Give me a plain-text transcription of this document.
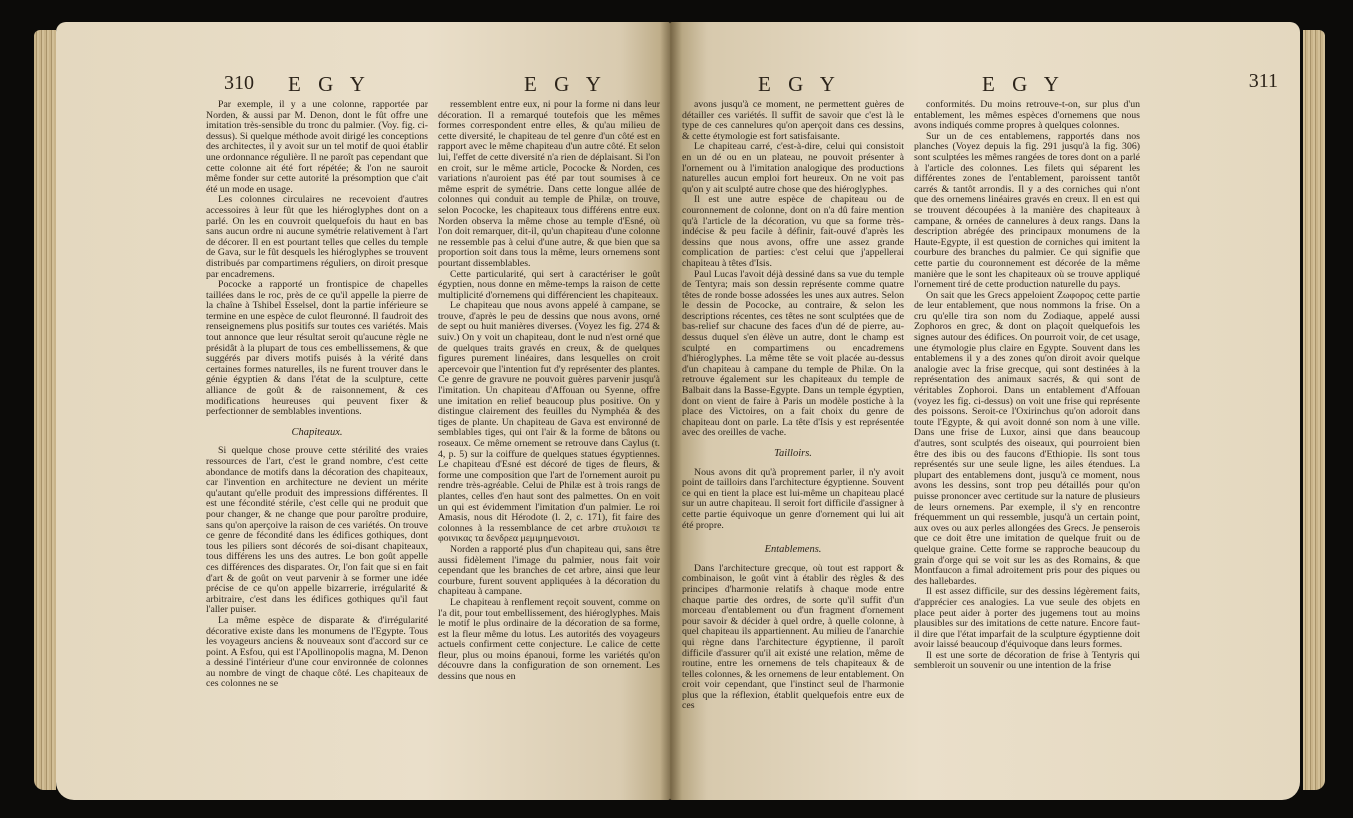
310 E G Y	E G Y

Par exemple, il y a une colonne, rapportée par Norden, & aussi par M. Denon, dont le fût offre une imitation très-sensible du tronc du palmier. (Voy. fig. ci-dessus). Si quelque méthode avoit dirigé les conceptions des architectes, il y avoit sur un tel motif de quoi établir une ordonnance régulière. Il ne paroît pas cependant que cette colonne ait été fort répétée; & l'on ne sauroit même fonder sur cette autorité la présomption que c'ait été un mode en usage.

Les colonnes circulaires ne recevoient d'autres accessoires à leur fût que les hiéroglyphes dont on a parlé. On les en couvroit quelquefois du haut en bas sans aucun ordre ni aucune symétrie relativement à l'art de décorer. Il en est pourtant telles que celles du temple de Gava, sur le fût desquels les hiéroglyphes se trouvent distribués par compartimens réguliers, on diroit presque par encadremens.

Pococke a rapporté un frontispice de chapelles taillées dans le roc, près de ce qu'il appelle la pierre de la chaîne à Tshibel Esselsel, dont la partie inférieure se termine en une espèce de culot fleuronné. Il faudroit des renseignemens plus positifs sur toutes ces variétés. Mais tout annonce que leur résultat seroit qu'aucune règle ne présidât à la plupart de tous ces embellissemens, & que suggérés par divers motifs puisés à la vérité dans certaines formes naturelles, ils ne furent trouver dans le génie égyptien & dans l'état de la sculpture, cette alliance de goût & de raisonnement, & ces modifications heureuses qui peuvent fixer & perfectionner de semblables inventions.

Chapiteaux.

Si quelque chose prouve cette stérilité des vraies ressources de l'art, c'est le grand nombre, c'est cette abondance de motifs dans la décoration des chapiteaux, car l'invention en architecture ne devient un mérite qu'autant qu'elle produit des impressions différentes. Il est une fécondité stérile, c'est celle qui ne produit que pour changer, & ne change que pour paroître produire, sans qu'on aperçoive la raison de ces variétés. On trouve ce genre de fécondité dans les édifices gothiques, dont tous les piliers sont décorés de soi-disant chapiteaux, tous différens les uns des autres. Le bon goût appelle ces différences des disparates. Or, l'on fait que si en fait d'art & de goût on veut parvenir à se former une idée précise de ce qu'on appelle bizarrerie, irrégularité & arbitraire, c'est dans les édifices gothiques qu'il faut l'aller puiser.

La même espèce de disparate & d'irrégularité décorative existe dans les monumens de l'Egypte. Tous les voyageurs anciens & nouveaux sont d'accord sur ce point. A Esfou, qui est l'Apollinopolis magna, M. Denon a dessiné l'intérieur d'une cour environnée de colonnes au nombre de vingt de chaque côté. Les chapiteaux de ces colonnes ne se

ressemblent entre eux, ni pour la forme ni dans leur décoration. Il a remarqué toutefois que les mêmes formes correspondent entre elles, & qu'au milieu de cette diversité, le chapiteau de tel genre d'un côté est en rapport avec le même chapiteau d'un autre côté. Et selon lui, l'effet de cette diversité n'a rien de déplaisant. Si l'on en croit, sur le même article, Pococke & Norden, ces variations n'auroient pas été par tout soumises à ce même esprit de symétrie. Dans cette longue allée de colonnes qui conduit au temple de Philæ, on trouve, selon Pococke, les chapiteaux tous différens entre eux. Norden observa la même chose au temple d'Esné, où l'on doit remarquer, dit-il, qu'un chapiteau d'une colonne ne ressemble pas à celui d'une autre, & que bien que sa proportion soit dans tous la même, leurs ornemens sont pourtant dissemblables.

Cette particularité, qui sert à caractériser le goût égyptien, nous donne en même-temps la raison de cette multiplicité d'ornemens qui différencient les chapiteaux.

Le chapiteau que nous avons appelé à campane, se trouve, d'après le peu de dessins que nous avons, orné de sept ou huit manières diverses. (Voyez les fig. 274 & suiv.) On y voit un chapiteau, dont le nud n'est orné que de quelques traits gravés en creux, & de quelques figures purement linéaires, dans lesquelles on croit apercevoir que l'intention fut d'y représenter des plantes. Ce genre de gravure ne pouvoit guères parvenir jusqu'à l'imitation. Un chapiteau d'Affouan ou Syenne, offre une imitation en relief beaucoup plus positive. On y distingue clairement des feuilles du Nymphéa & des tiges de plante. Un chapiteau de Gava est environné de semblables tiges, qui ont l'air & la forme de bâtons ou roseaux. Ce même ornement se retrouve dans Caylus (t. 4, p. 5) sur la coiffure de quelques statues égyptiennes. Le chapiteau d'Esné est décoré de tiges de fleurs, & forme une composition que l'art de l'ornement auroit pu rendre très-agréable. Celui de Philæ est à trois rangs de plantes, celles d'en haut sont des palmettes. On en voit un qui est évidemment l'imitation d'un palmier. Le roi Amasis, nous dit Hérodote (l. 2, c. 171), fit faire des colonnes à la ressemblance de cet arbre στυλοισι τε φοινικας τα δενδρεα μεμιμημενοισι.

Norden a rapporté plus d'un chapiteau qui, sans être aussi fidèlement l'image du palmier, nous fait voir cependant que les branches de cet arbre, ainsi que leur courbure, furent souvent appliquées à la décoration du chapiteau à campane.

Le chapiteau à renflement reçoit souvent, comme on l'a dit, pour tout embellissement, des hiéroglyphes. Mais le motif le plus ordinaire de la décoration de sa forme, est la fleur même du lotus. Les autorités des voyageurs actuels confirment cette conjecture. Le calice de cette fleur, plus ou moins épanoui, forme les variétés qu'on découvre dans la configuration de son ornement. Les dessins que nous en

E G Y	E G Y	311

avons jusqu'à ce moment, ne permettent guères de détailler ces variétés. Il suffit de savoir que c'est là le type de ces cannelures qu'on aperçoit dans ces dessins, & cette étymologie est fort satisfaisante.

Le chapiteau carré, c'est-à-dire, celui qui consistoit en un dé ou en un plateau, ne pouvoit présenter à l'ornement ou à l'imitation analogique des productions naturelles aucun emploi fort heureux. On ne voit pas qu'on y ait sculpté autre chose que des hiéroglyphes.

Il est une autre espèce de chapiteau ou de couronnement de colonne, dont on n'a dû faire mention qu'à l'article de la décoration, vu que sa forme très-indécise & peu facile à définir, fait-ouvé d'après les dessins que nous avons, offre une assez grande complication de parties: c'est celui que j'appellerai chapiteau à têtes d'Isis.

Paul Lucas l'avoit déjà dessiné dans sa vue du temple de Tentyra; mais son dessin représente comme quatre têtes de ronde bosse adossées les unes aux autres. Selon le dessin de Pococke, au contraire, & selon les descriptions récentes, ces têtes ne sont sculptées que de bas-relief sur chacune des faces d'un dé de pierre, au-dessus duquel s'en élève un autre, dont le champ est sculpté en compartimens ou encadremens d'hiéroglyphes. La même tête se voit placée au-dessus d'un chapiteau à campane du temple de Philæ. On la retrouve également sur les chapiteaux du temple de Balbait dans la Basse-Egypte. Dans un temple égyptien, dont on vient de faire à Paris un modèle postiche à la place des Victoires, on a fait choix du genre de chapiteau dont on parle. La tête d'Isis y est représentée avec des oreilles de vache.

Tailloirs.

Nous avons dit qu'à proprement parler, il n'y avoit point de tailloirs dans l'architecture égyptienne. Souvent ce qui en tient la place est lui-même un chapiteau placé sur un autre chapiteau. Il seroit fort difficile d'assigner à cette partie équivoque un genre d'ornement qui lui ait été propre.

Entablemens.

Dans l'architecture grecque, où tout est rapport & combinaison, le goût vint à établir des règles & des principes d'harmonie relatifs à chaque mode entre chaque partie des ordres, de sorte qu'il suffit d'un morceau d'entablement ou d'un fragment d'ornement pour savoir & décider à quel ordre, à quelle colonne, à quel chapiteau ils appartiennent. Au milieu de l'anarchie qui règne dans l'architecture égyptienne, il paroît difficile d'assurer qu'il ait existé une relation, même de routine, entre les ornemens de tels chapiteaux & de telles colonnes, & les ornemens de leur entablement. On croit voir cependant, que l'instinct seul de l'harmonie plus que la réflexion, établit quelquefois entre eux de ces

conformités. Du moins retrouve-t-on, sur plus d'un entablement, les mêmes espèces d'ornemens que nous avons indiqués comme propres à quelques colonnes.

Sur un de ces entablemens, rapportés dans nos planches (Voyez depuis la fig. 291 jusqu'à la fig. 306) sont sculptées les mêmes rangées de tores dont on a parlé à l'article des colonnes. Les filets qui séparent les différentes zones de l'entablement, paroissent tantôt carrés & tantôt arrondis. Il y a des corniches qui n'ont que des ornemens linéaires gravés en creux. Il en est qui se trouvent découpées à la manière des chapiteaux à campane, & ornées de cannelures à deux rangs. Dans la description abrégée des principaux monumens de la Haute-Egypte, il est question de corniches qui imitent la courbure des branches du palmier. Ce qui signifie que cette partie du couronnement est décorée de la même manière que le sont les chapiteaux où se trouve appliqué l'ornement tiré de cette production naturelle du pays.

On sait que les Grecs appeloient Ζωφορος cette partie de leur entablement, que nous nommons la frise. On a cru qu'elle tira son nom du Zodiaque, appelé aussi Zophoros en grec, & dont on plaçoit quelquefois les signes autour des édifices. On pourroit voir, de cet usage, une étymologie plus claire en Egypte. Souvent dans les entablemens il y a des zones qu'on diroit avoir quelque analogie avec la frise grecque, qui sont destinées à la représentation des animaux sacrés, & qui sont de véritables Zophoroi. Dans un entablement d'Affouan (voyez les fig. ci-dessus) on voit une frise qui représente des poissons. Seroit-ce l'Oxirinchus qu'on adoroit dans toute l'Egypte, & qui avoit donné son nom à une ville. Dans une frise de Luxor, ainsi que dans beaucoup d'autres, sont sculptés des oiseaux, qui pourroient bien être des ibis ou des faucons d'Ethiopie. Ils sont tous représentés sur une seule ligne, les ailes étendues. La plupart des entablemens dont, jusqu'à ce moment, nous avons les dessins, sont trop peu détaillés pour qu'on puisse prononcer avec certitude sur la nature de plusieurs de leurs ornemens. Par exemple, il s'y en rencontre fréquemment un qui ressemble, jusqu'à un certain point, aux oves ou aux perles allongées des Grecs. Je penserois que ce doit être une imitation de quelque fruit ou de quelque graine. Cette forme se rapproche beaucoup du grain d'orge qui se voit sur les as des Romains, & que Montfaucon a fimal adroitement pris pour des piques ou des hallebardes.

Il est assez difficile, sur des dessins légèrement faits, d'apprécier ces analogies. La vue seule des objets en place peut aider à porter des jugemens tout au moins plausibles sur des imitations de cette nature. Encore faut-il dire que l'état imparfait de la sculpture égyptienne doit avoir laissé beaucoup d'équivoque dans leurs formes.

Il est une sorte de décoration de frise à Tentyris qui sembleroit un souvenir ou une intention de la frise
